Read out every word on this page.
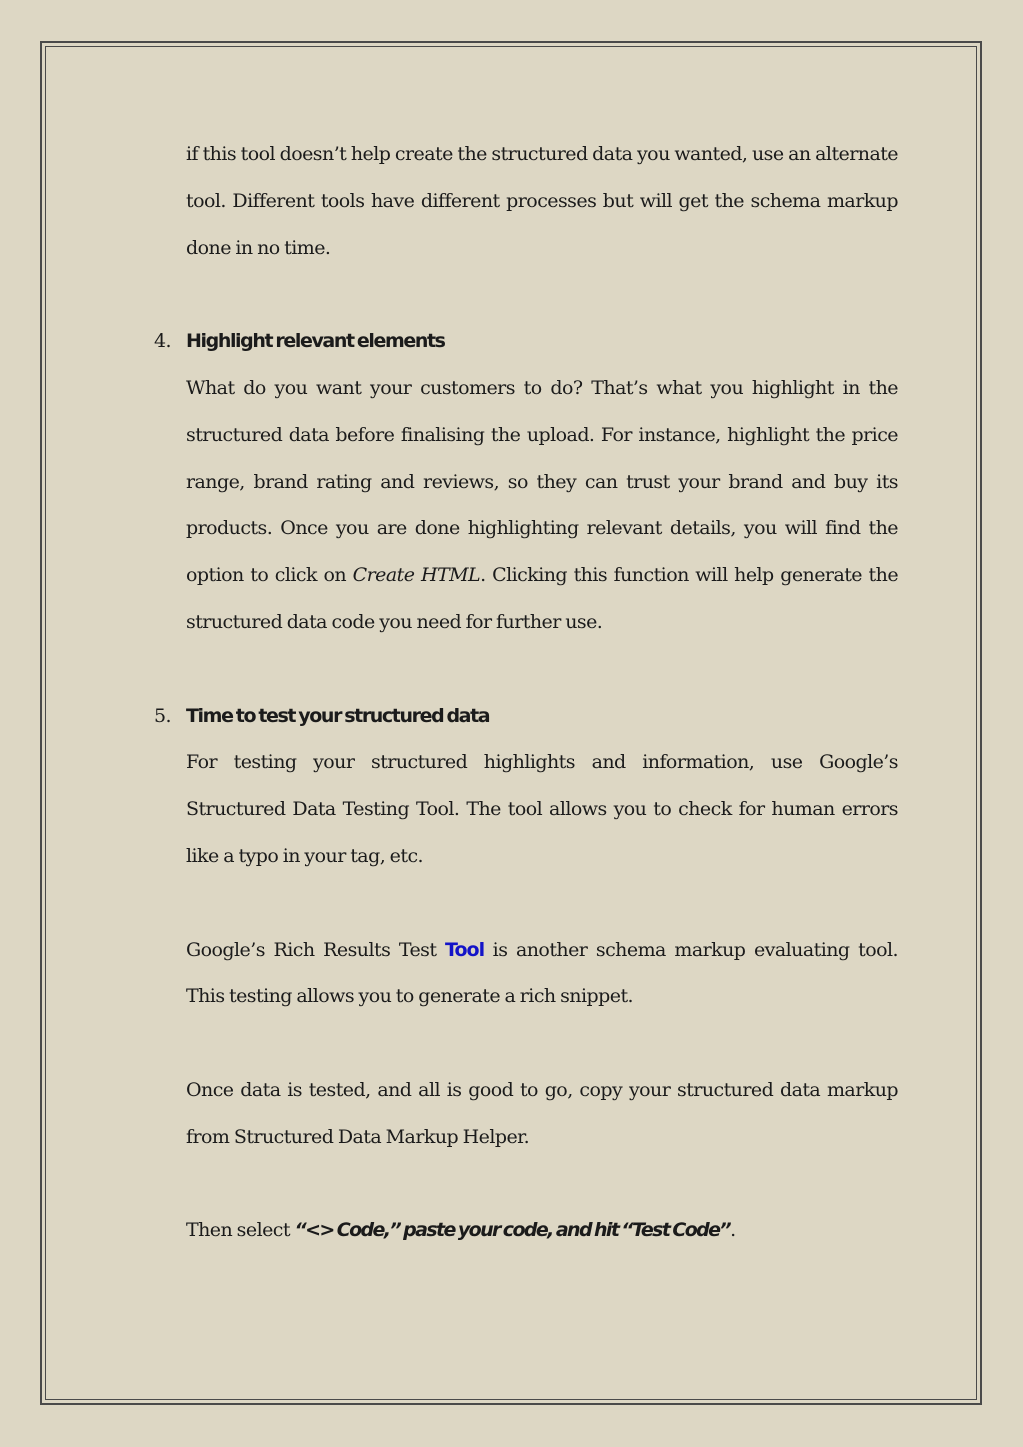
if this tool doesn’t help create the structured data you wanted, use an alternate tool. Different tools have different processes but will get the schema markup done in no time.

4. Highlight relevant elements

What do you want your customers to do? That’s what you highlight in the structured data before finalising the upload. For instance, highlight the price range, brand rating and reviews, so they can trust your brand and buy its products. Once you are done highlighting relevant details, you will find the option to click on Create HTML. Clicking this function will help generate the structured data code you need for further use.

5. Time to test your structured data

For testing your structured highlights and information, use Google’s Structured Data Testing Tool. The tool allows you to check for human errors like a typo in your tag, etc.

Google’s Rich Results Test Tool is another schema markup evaluating tool. This testing allows you to generate a rich snippet.

Once data is tested, and all is good to go, copy your structured data markup from Structured Data Markup Helper.

Then select “<> Code,” paste your code, and hit “Test Code”.
